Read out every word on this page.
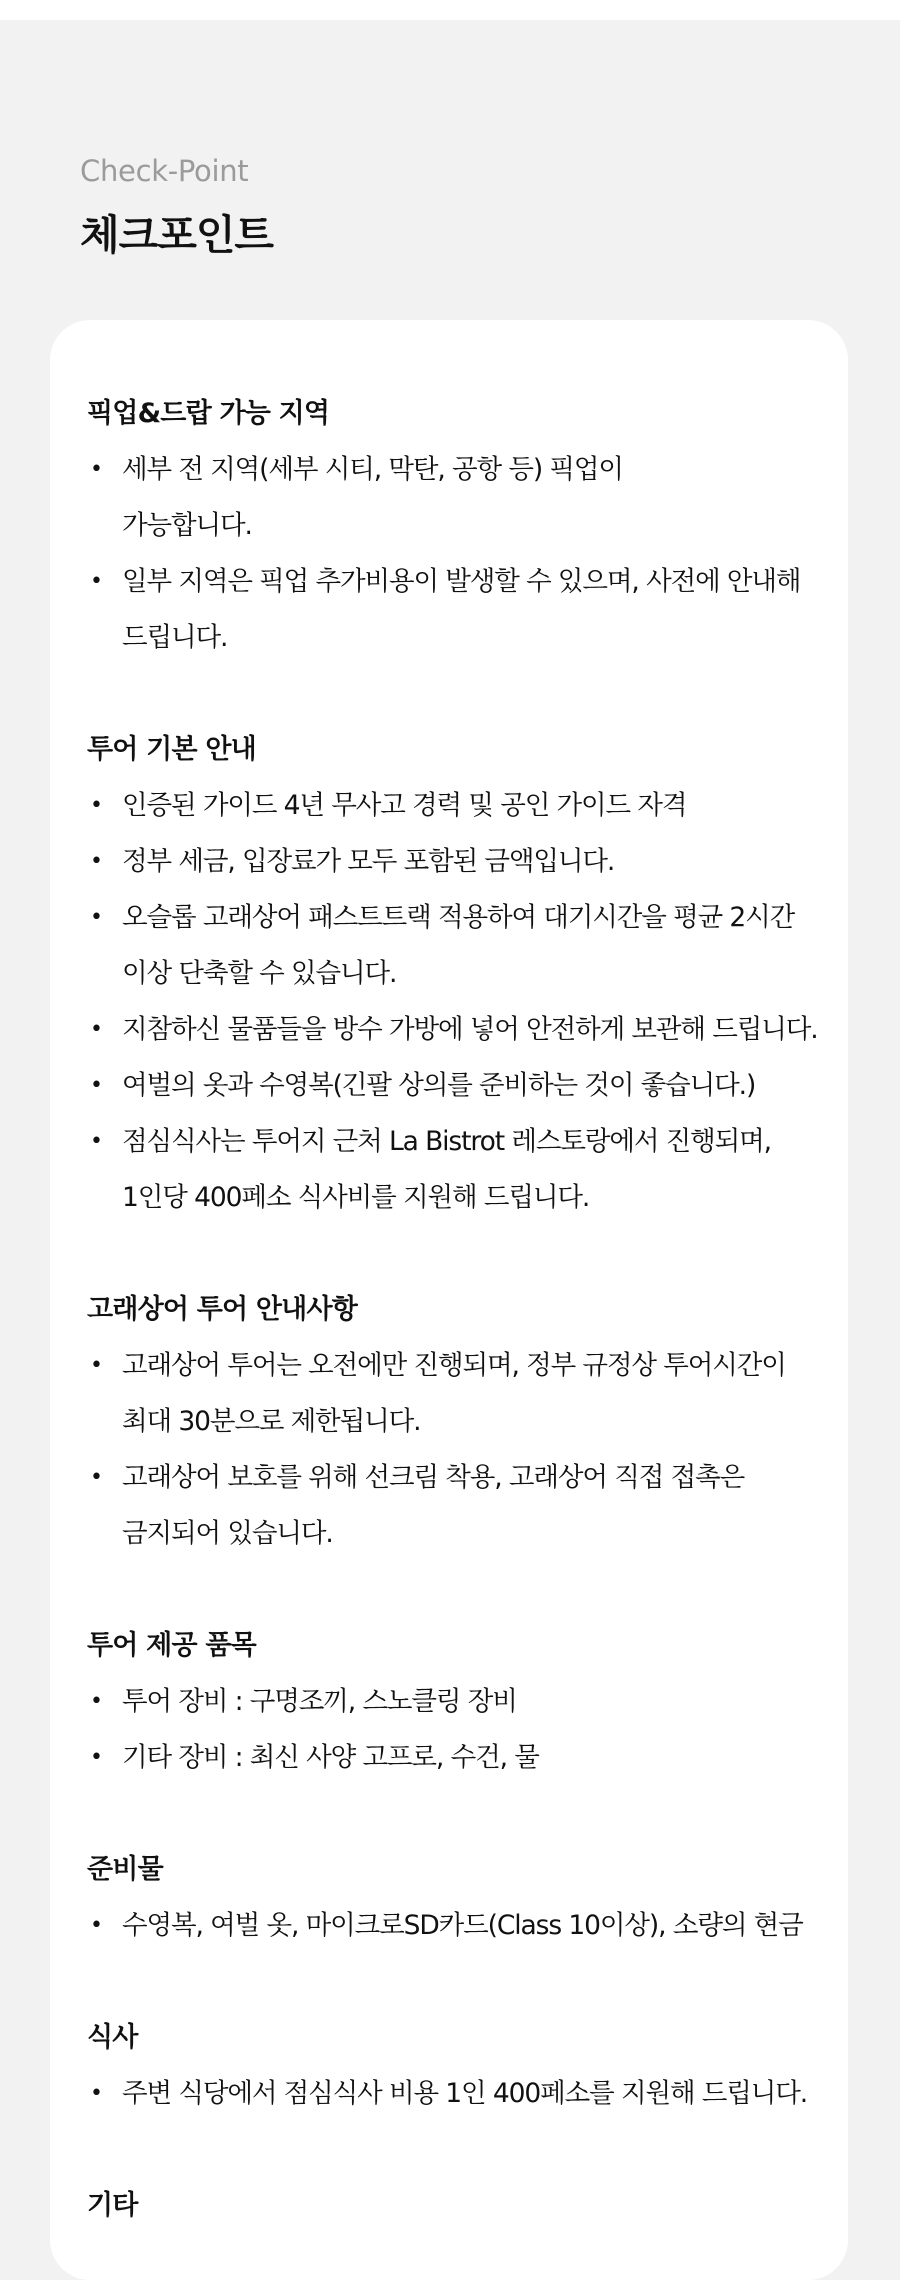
Check-Point
체크포인트
픽업&드랍 가능 지역
• 세부 전 지역(세부 시티, 막탄, 공항 등) 픽업이
가능합니다.
• 일부 지역은 픽업 추가비용이 발생할 수 있으며, 사전에 안내해
드립니다.
투어 기본 안내
• 인증된 가이드 4년 무사고 경력 및 공인 가이드 자격
• 정부 세금, 입장료가 모두 포함된 금액입니다.
• 오슬롭 고래상어 패스트트랙 적용하여 대기시간을 평균 2시간
이상 단축할 수 있습니다.
• 지참하신 물품들을 방수 가방에 넣어 안전하게 보관해 드립니다.
• 여벌의 옷과 수영복(긴팔 상의를 준비하는 것이 좋습니다.)
• 점심식사는 투어지 근처 La Bistrot 레스토랑에서 진행되며,
1인당 400페소 식사비를 지원해 드립니다.
고래상어 투어 안내사항
• 고래상어 투어는 오전에만 진행되며, 정부 규정상 투어시간이
최대 30분으로 제한됩니다.
• 고래상어 보호를 위해 선크림 착용, 고래상어 직접 접촉은
금지되어 있습니다.
투어 제공 품목
• 투어 장비 : 구명조끼, 스노클링 장비
• 기타 장비 : 최신 사양 고프로, 수건, 물
준비물
• 수영복, 여벌 옷, 마이크로SD카드(Class 10이상), 소량의 현금
식사
• 주변 식당에서 점심식사 비용 1인 400페소를 지원해 드립니다.
기타
